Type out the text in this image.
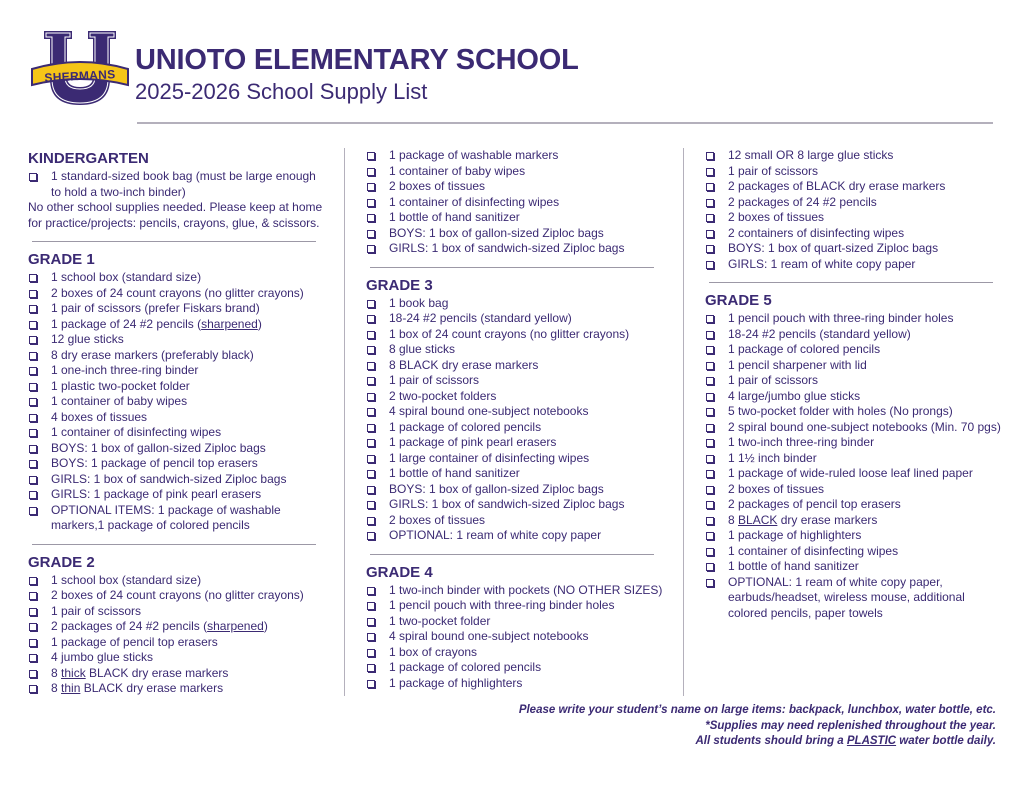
SHERMANS
UNIOTO ELEMENTARY SCHOOL
2025-2026 School Supply List
KINDERGARTEN
1 standard-sized book bag (must be large enough to hold a two-inch binder)
No other school supplies needed. Please keep at home for practice/projects: pencils, crayons, glue, & scissors.
GRADE 1
1 school box (standard size)
2 boxes of 24 count crayons (no glitter crayons)
1 pair of scissors (prefer Fiskars brand)
1 package of 24 #2 pencils (sharpened)
12 glue sticks
8 dry erase markers (preferably black)
1 one-inch three-ring binder
1 plastic two-pocket folder
1 container of baby wipes
4 boxes of tissues
1 container of disinfecting wipes
BOYS: 1 box of gallon-sized Ziploc bags
BOYS: 1 package of pencil top erasers
GIRLS: 1 box of sandwich-sized Ziploc bags
GIRLS: 1 package of pink pearl erasers
OPTIONAL ITEMS: 1 package of washable markers,1 package of colored pencils
GRADE 2
1 school box (standard size)
2 boxes of 24 count crayons (no glitter crayons)
1 pair of scissors
2 packages of 24 #2 pencils (sharpened)
1 package of pencil top erasers
4 jumbo glue sticks
8 thick BLACK dry erase markers
8 thin BLACK dry erase markers
1 package of washable markers
1 container of baby wipes
2 boxes of tissues
1 container of disinfecting wipes
1 bottle of hand sanitizer
BOYS: 1 box of gallon-sized Ziploc bags
GIRLS: 1 box of sandwich-sized Ziploc bags
GRADE 3
1 book bag
18-24 #2 pencils (standard yellow)
1 box of 24 count crayons (no glitter crayons)
8 glue sticks
8 BLACK dry erase markers
1 pair of scissors
2 two-pocket folders
4 spiral bound one-subject notebooks
1 package of colored pencils
1 package of pink pearl erasers
1 large container of disinfecting wipes
1 bottle of hand sanitizer
BOYS: 1 box of gallon-sized Ziploc bags
GIRLS: 1 box of sandwich-sized Ziploc bags
2 boxes of tissues
OPTIONAL: 1 ream of white copy paper
GRADE 4
1 two-inch binder with pockets (NO OTHER SIZES)
1 pencil pouch with three-ring binder holes
1 two-pocket folder
4 spiral bound one-subject notebooks
1 box of crayons
1 package of colored pencils
1 package of highlighters
12 small OR 8 large glue sticks
1 pair of scissors
2 packages of BLACK dry erase markers
2 packages of 24 #2 pencils
2 boxes of tissues
2 containers of disinfecting wipes
BOYS: 1 box of quart-sized Ziploc bags
GIRLS: 1 ream of white copy paper
GRADE 5
1 pencil pouch with three-ring binder holes
18-24 #2 pencils (standard yellow)
1 package of colored pencils
1 pencil sharpener with lid
1 pair of scissors
4 large/jumbo glue sticks
5 two-pocket folder with holes (No prongs)
2 spiral bound one-subject notebooks (Min. 70 pgs)
1 two-inch three-ring binder
1 1½ inch binder
1 package of wide-ruled loose leaf lined paper
2 boxes of tissues
2 packages of pencil top erasers
8 BLACK dry erase markers
1 package of highlighters
1 container of disinfecting wipes
1 bottle of hand sanitizer
OPTIONAL: 1 ream of white copy paper, earbuds/headset, wireless mouse, additional colored pencils, paper towels
Please write your student’s name on large items: backpack, lunchbox, water bottle, etc.
*Supplies may need replenished throughout the year.
All students should bring a PLASTIC water bottle daily.
